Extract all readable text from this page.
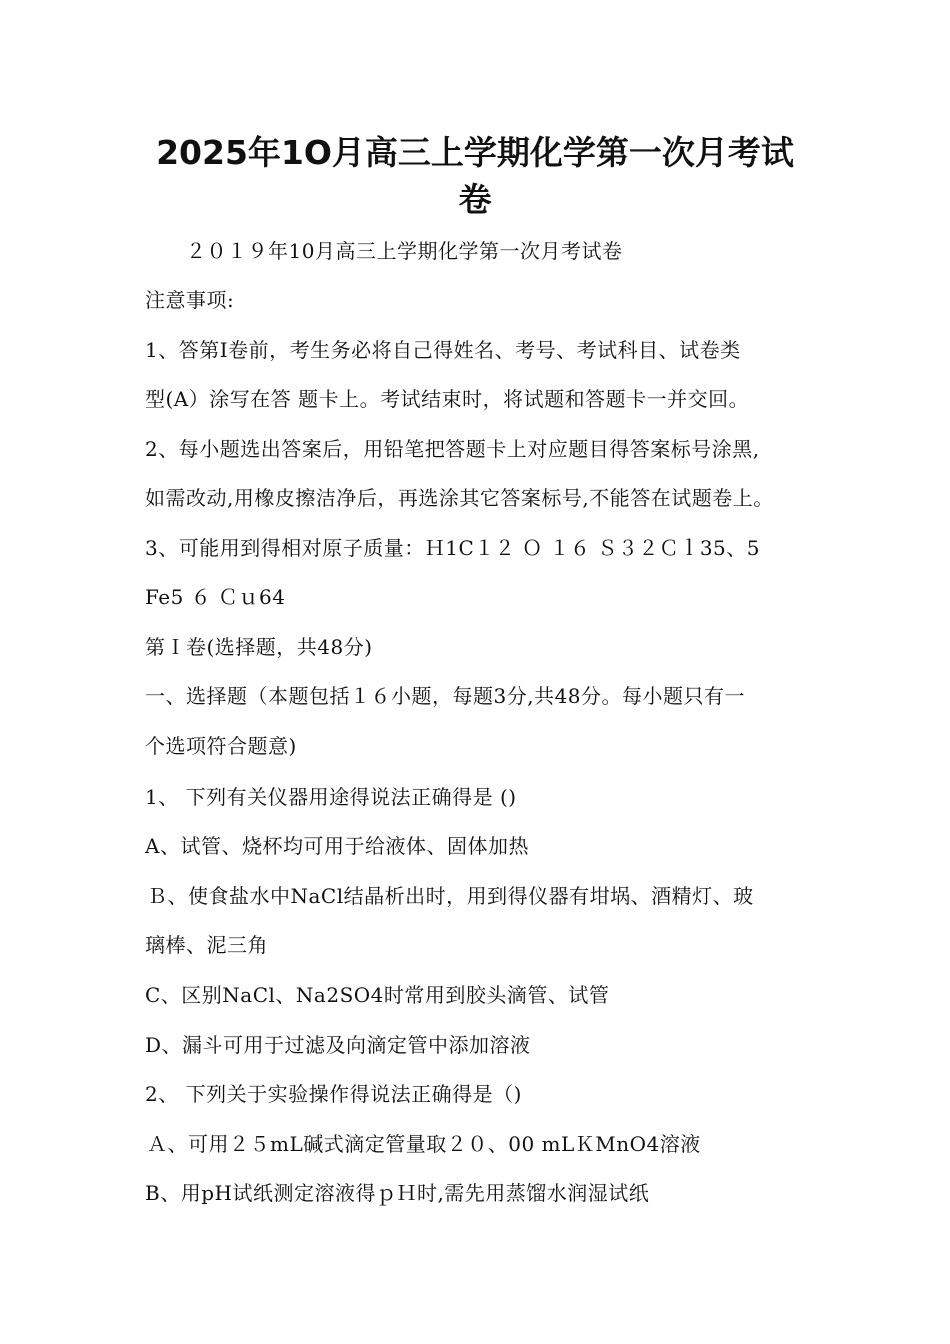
2025年1O月高三上学期化学第一次月考试
卷
２０１９年10月高三上学期化学第一次月考试卷
注意事项:
1、答第Ⅰ卷前，考生务必将自己得姓名、考号、考试科目、试卷类
型(A）涂写在答 题卡上。考试结束时，将试题和答题卡一并交回。
2、每小题选出答案后，用铅笔把答题卡上对应题目得答案标号涂黑,
如需改动,用橡皮擦洁净后，再选涂其它答案标号,不能答在试题卷上。
3、可能用到得相对原子质量：Ｈ1C１２ Ｏ １６ Ｓ３２Ｃｌ35、5
Fe5 ６ Ｃｕ64
第Ｉ卷(选择题，共48分)
一、选择题（本题包括１６小题，每题3分,共48分。每小题只有一
个选项符合题意)
1、 下列有关仪器用途得说法正确得是 ()
A、试管、烧杯均可用于给液体、固体加热
Ｂ、使食盐水中NaCl结晶析出时，用到得仪器有坩埚、酒精灯、玻
璃棒、泥三角
C、区别NaCl、Na2SO4时常用到胶头滴管、试管
D、漏斗可用于过滤及向滴定管中添加溶液
2、 下列关于实验操作得说法正确得是（)
Ａ、可用２５mL碱式滴定管量取２０、00 mLＫMnO4溶液
B、用pH试纸测定溶液得ｐＨ时,需先用蒸馏水润湿试纸
